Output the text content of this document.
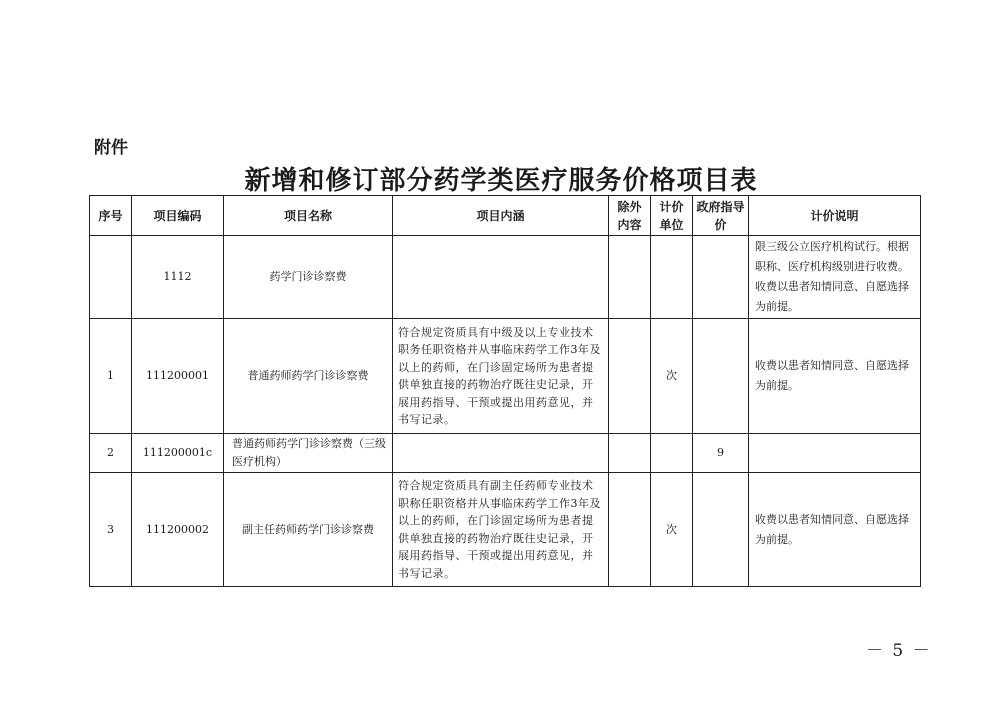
附件
新增和修订部分药学类医疗服务价格项目表
序号	项目编码	项目名称	项目内涵	除外内容	计价单位	政府指导价	计价说明
	1112	药学门诊诊察费					限三级公立医疗机构试行。根据职称、医疗机构级别进行收费。收费以患者知情同意、自愿选择为前提。
1	111200001	普通药师药学门诊诊察费	符合规定资质具有中级及以上专业技术职务任职资格并从事临床药学工作3年及以上的药师，在门诊固定场所为患者提供单独直接的药物治疗既往史记录，开展用药指导、干预或提出用药意见，并书写记录。		次		收费以患者知情同意、自愿选择为前提。
2	111200001c	普通药师药学门诊诊察费（三级医疗机构）				9	
3	111200002	副主任药师药学门诊诊察费	符合规定资质具有副主任药师专业技术职称任职资格并从事临床药学工作3年及以上的药师，在门诊固定场所为患者提供单独直接的药物治疗既往史记录，开展用药指导、干预或提出用药意见，并书写记录。		次		收费以患者知情同意、自愿选择为前提。
－ 5 －
